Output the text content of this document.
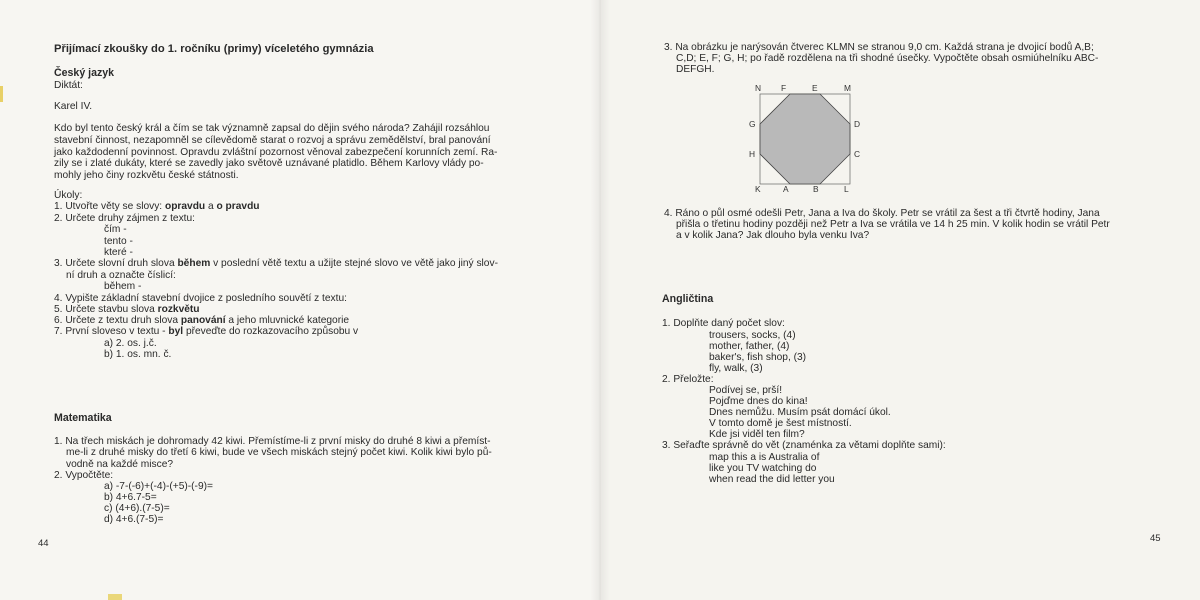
Přijímací zkoušky do 1. ročníku (primy) víceletého gymnázia
Český jazyk
Diktát:
Karel IV.
Kdo byl tento český král a čím se tak významně zapsal do dějin svého národa? Zahájil rozsáhlou
stavební činnost, nezapomněl se cílevědomě starat o rozvoj a správu zemědělství, bral panování
jako každodenní povinnost. Opravdu zvláštní pozornost věnoval zabezpečení korunních zemí. Ra-
zily se i zlaté dukáty, které se zavedly jako světově uznávané platidlo. Během Karlovy vlády po-
mohly jeho činy rozkvětu české státnosti.
Úkoly:
1. Utvořte věty se slovy: opravdu a o pravdu
2. Určete druhy zájmen z textu:
čím -
tento -
které -
3. Určete slovní druh slova během v poslední větě textu a užijte stejné slovo ve větě jako jiný slov-
ní druh a označte číslicí:
během -
4. Vypište základní stavební dvojice z posledního souvětí z textu:
5. Určete stavbu slova rozkvětu
6. Určete z textu druh slova panování a jeho mluvnické kategorie
7. První sloveso v textu - byl převeďte do rozkazovacího způsobu v
a) 2. os. j.č.
b) 1. os. mn. č.
Matematika
1. Na třech miskách je dohromady 42 kiwi. Přemístíme-li z první misky do druhé 8 kiwi a přemíst-
me-li z druhé misky do třetí 6 kiwi, bude ve všech miskách stejný počet kiwi. Kolik kiwi bylo pů-
vodně na každé misce?
2. Vypočtěte:
a) -7-(-6)+(-4)-(+5)-(-9)=
b) 4+6.7-5=
c) (4+6).(7-5)=
d) 4+6.(7-5)=
44
3. Na obrázku je narýsován čtverec KLMN se stranou 9,0 cm. Každá strana je dvojicí bodů A,B;
C,D; E, F; G, H; po řadě rozdělena na tři shodné úsečky. Vypočtěte obsah osmiúhelníku ABC-
DEFGH.
N F	E	M
G	D
H	C
K	A	B	L
4. Ráno o půl osmé odešli Petr, Jana a Iva do školy. Petr se vrátil za šest a tři čtvrtě hodiny, Jana
přišla o třetinu hodiny později než Petr a Iva se vrátila ve 14 h 25 min. V kolik hodin se vrátil Petr
a v kolik Jana? Jak dlouho byla venku Iva?
Angličtina
1. Doplňte daný počet slov:
trousers, socks, (4)
mother, father, (4)
baker's, fish shop, (3)
fly, walk, (3)
2. Přeložte:
Podívej se, prší!
Pojďme dnes do kina!
Dnes nemůžu. Musím psát domácí úkol.
V tomto domě je šest místností.
Kde jsi viděl ten film?
3. Seřaďte správně do vět (znaménka za větami doplňte sami):
map this a is Australia of
like you TV watching do
when read the did letter you
45
